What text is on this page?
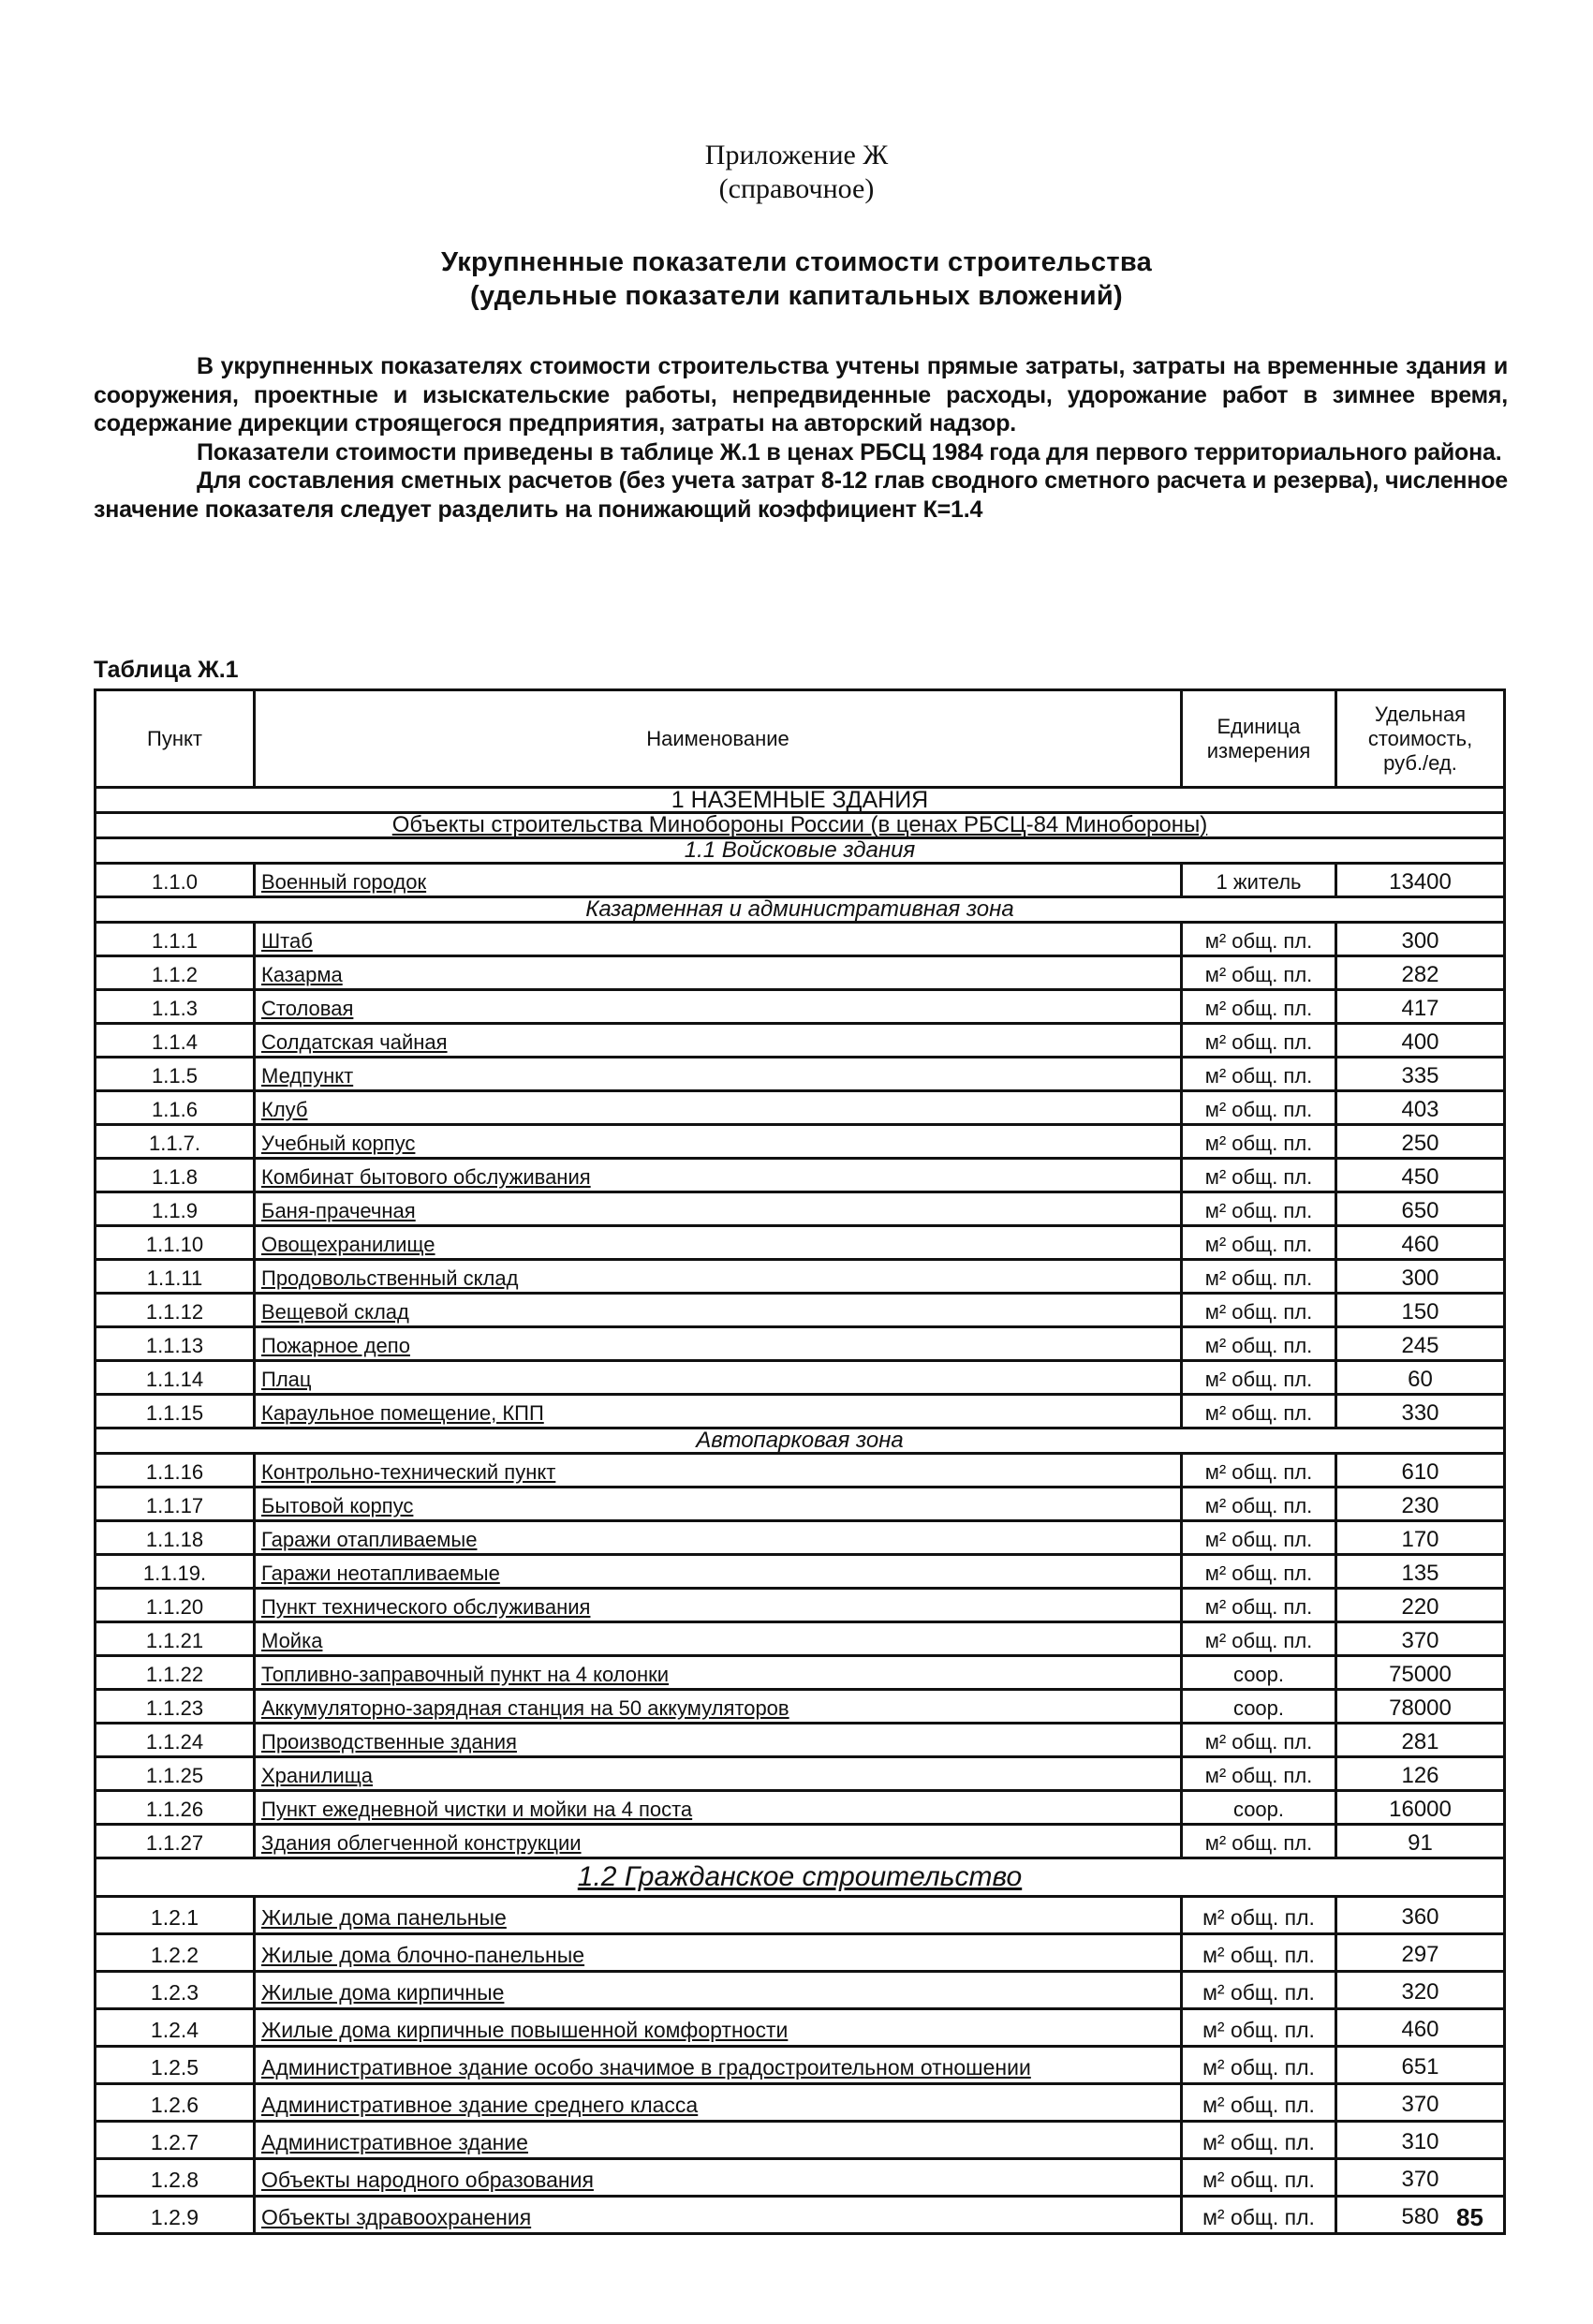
Приложение Ж
(справочное)
Укрупненные показатели стоимости строительства
(удельные показатели капитальных вложений)

В укрупненных показателях стоимости строительства учтены прямые затраты, затраты на временные здания и сооружения, проектные и изыскательские работы, непредвиденные расходы, удорожание работ в зимнее время, содержание дирекции строящегося предприятия, затраты на авторский надзор.

Показатели стоимости приведены в таблице Ж.1 в ценах РБСЦ 1984 года для первого территориального района.

Для составления сметных расчетов (без учета затрат 8-12 глав сводного сметного расчета и резерва), численное значение показателя следует разделить на понижающий коэффициент К=1.4

Таблица Ж.1
Пункт	Наименование	Единица измерения	Удельная стоимость, руб./ед.
1 НАЗЕМНЫЕ ЗДАНИЯ			
Объекты строительства Минобороны России (в ценах РБСЦ-84 Минобороны)			
1.1 Войсковые здания			
1.1.0	Военный городок	1 житель	13400
Казарменная и административная зона			
1.1.1	Штаб	м² общ. пл.	300
1.1.2	Казарма	м² общ. пл.	282
1.1.3	Столовая	м² общ. пл.	417
1.1.4	Солдатская чайная	м² общ. пл.	400
1.1.5	Медпункт	м² общ. пл.	335
1.1.6	Клуб	м² общ. пл.	403
1.1.7.	Учебный корпус	м² общ. пл.	250
1.1.8	Комбинат бытового обслуживания	м² общ. пл.	450
1.1.9	Баня-прачечная	м² общ. пл.	650
1.1.10	Овощехранилище	м² общ. пл.	460
1.1.11	Продовольственный склад	м² общ. пл.	300
1.1.12	Вещевой склад	м² общ. пл.	150
1.1.13	Пожарное депо	м² общ. пл.	245
1.1.14	Плац	м² общ. пл.	60
1.1.15	Караульное помещение, КПП	м² общ. пл.	330
Автопарковая зона			
1.1.16	Контрольно-технический пункт	м² общ. пл.	610
1.1.17	Бытовой корпус	м² общ. пл.	230
1.1.18	Гаражи отапливаемые	м² общ. пл.	170
1.1.19.	Гаражи неотапливаемые	м² общ. пл.	135
1.1.20	Пункт технического обслуживания	м² общ. пл.	220
1.1.21	Мойка	м² общ. пл.	370
1.1.22	Топливно-заправочный пункт на 4 колонки	соор.	75000
1.1.23	Аккумуляторно-зарядная станция на 50 аккумуляторов	соор.	78000
1.1.24	Производственные здания	м² общ. пл.	281
1.1.25	Хранилища	м² общ. пл.	126
1.1.26	Пункт ежедневной чистки и мойки на 4 поста	соор.	16000
1.1.27	Здания облегченной конструкции	м² общ. пл.	91
1.2 Гражданское строительство			
1.2.1	Жилые дома панельные	м² общ. пл.	360
1.2.2	Жилые дома блочно-панельные	м² общ. пл.	297
1.2.3	Жилые дома кирпичные	м² общ. пл.	320
1.2.4	Жилые дома кирпичные повышенной комфортности	м² общ. пл.	460
1.2.5	Административное здание особо значимое в градостроительном отношении	м² общ. пл.	651
1.2.6	Административное здание среднего класса	м² общ. пл.	370
1.2.7	Административное здание	м² общ. пл.	310
1.2.8	Объекты народного образования	м² общ. пл.	370
1.2.9	Объекты здравоохранения	м² общ. пл.	580 85
